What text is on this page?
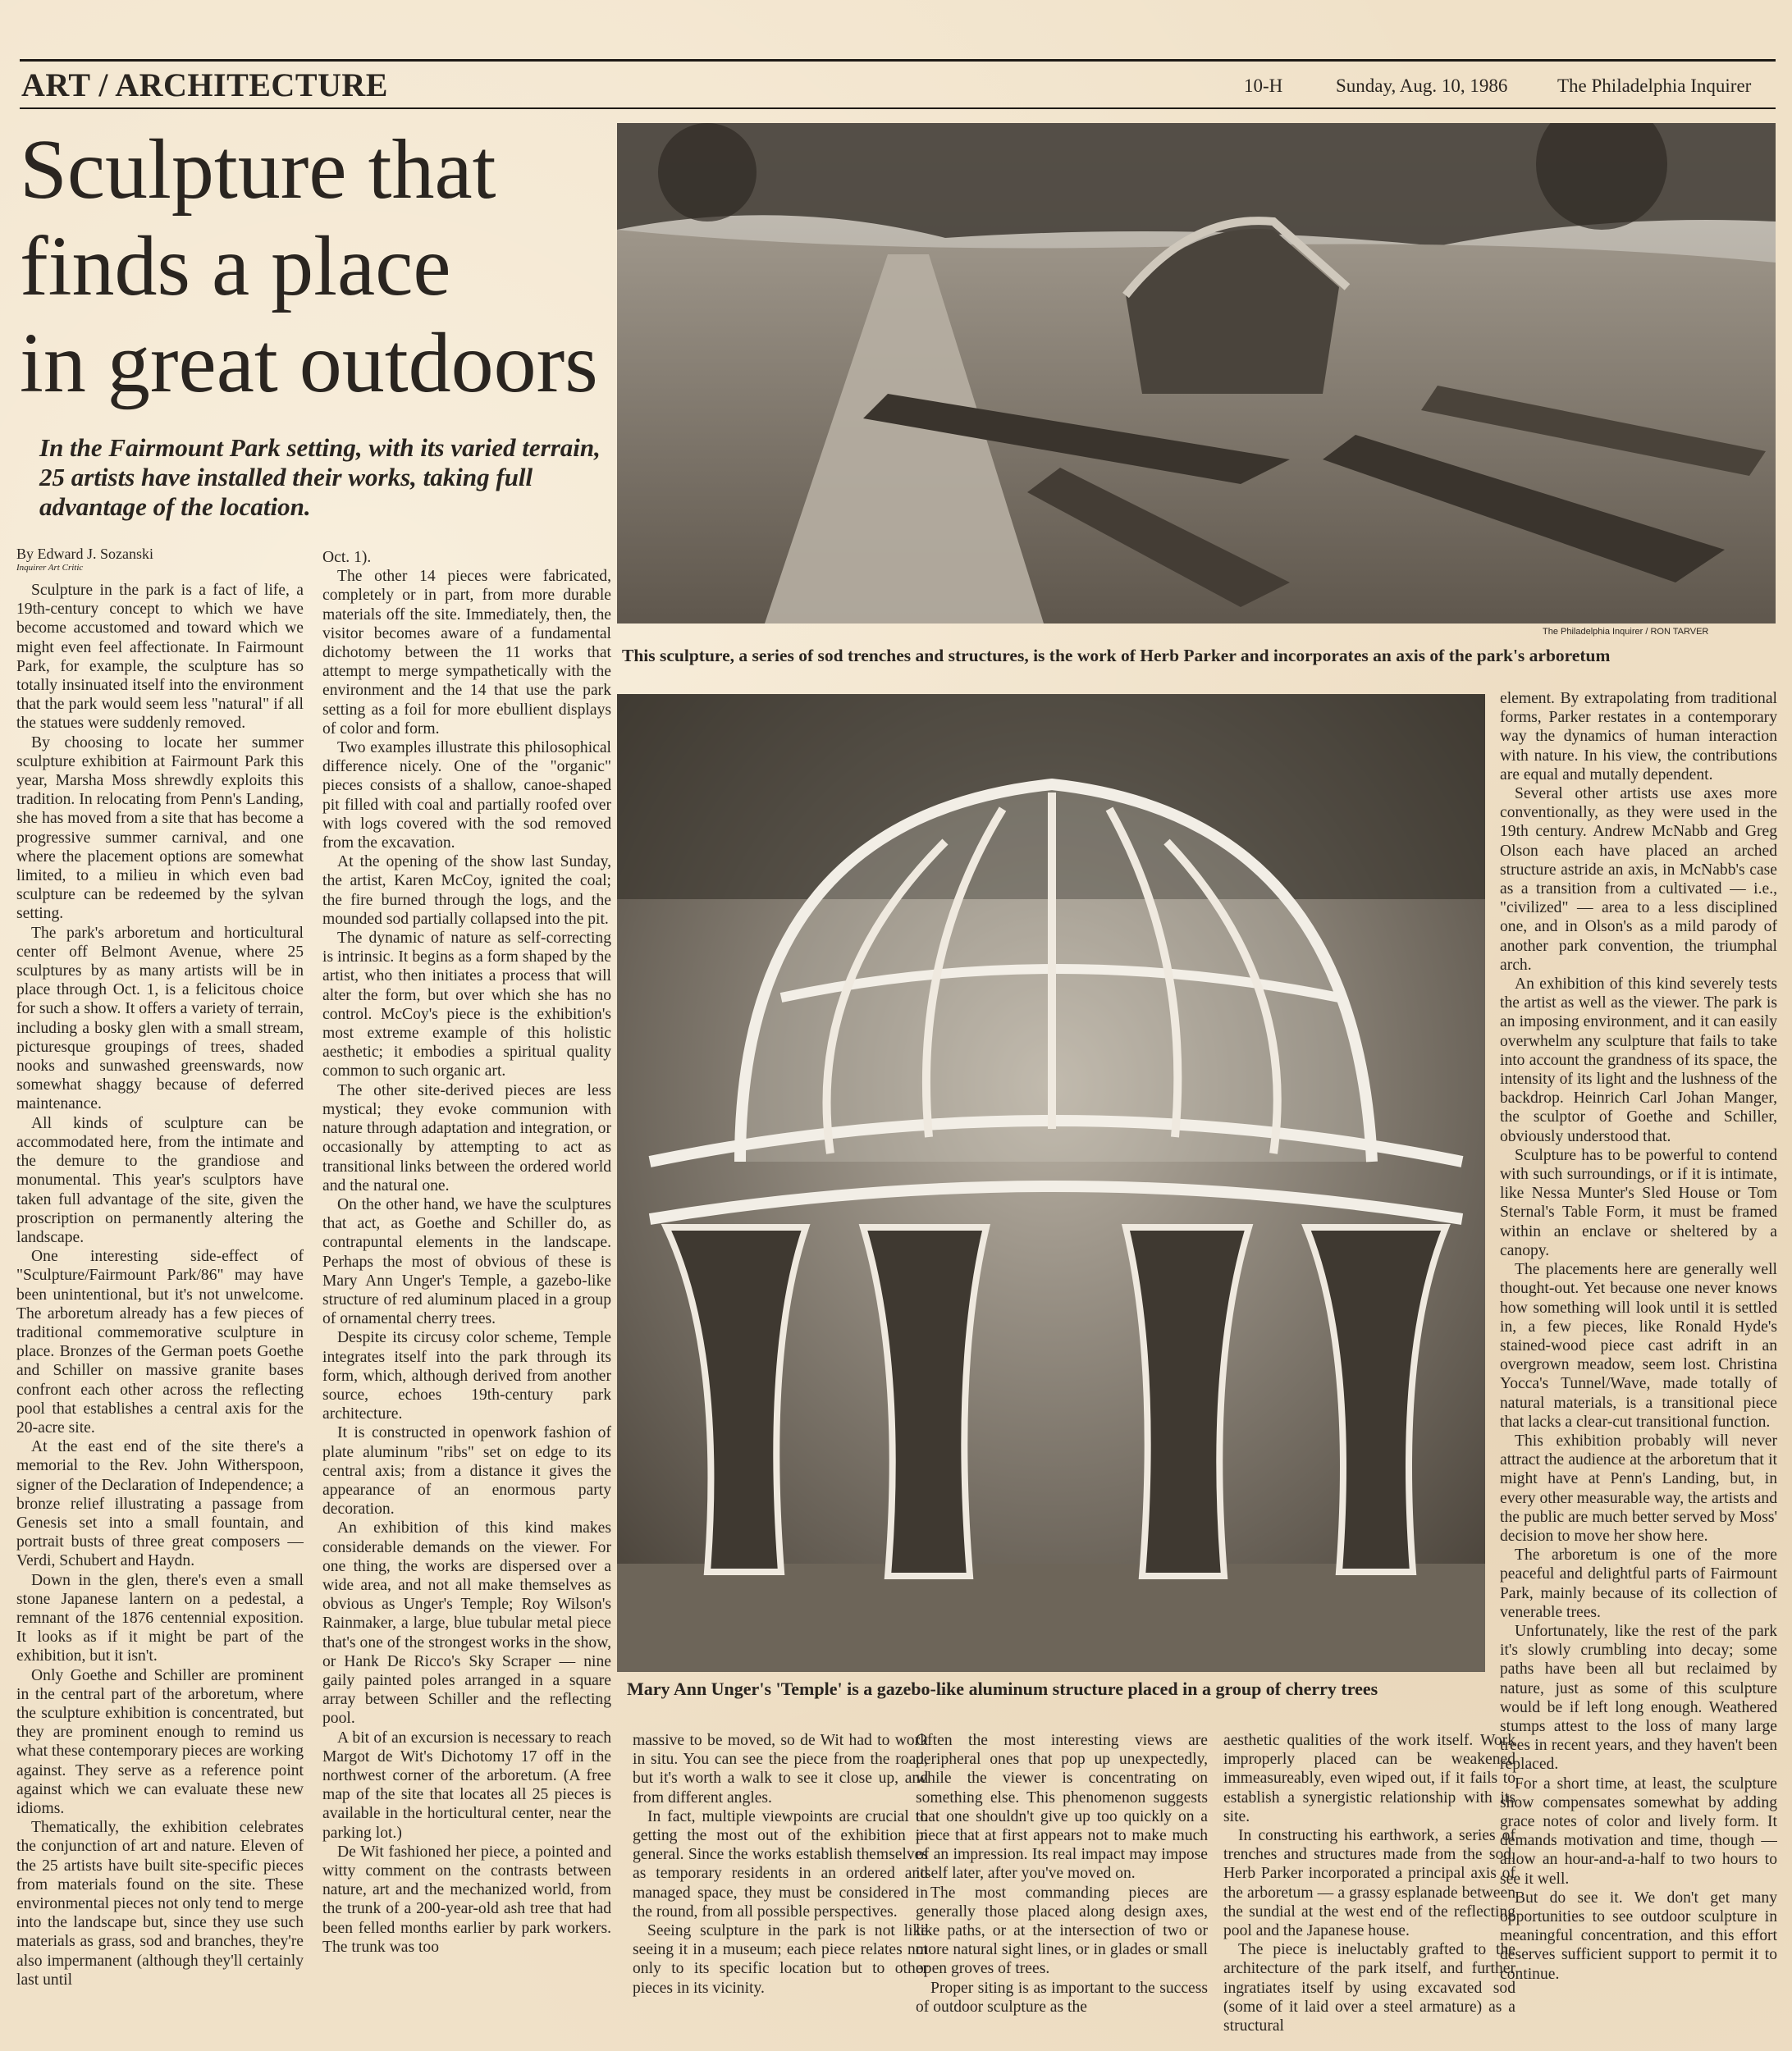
ART / ARCHITECTURE	10-H	Sunday, Aug. 10, 1986	The Philadelphia Inquirer
Sculpture that
finds a place
in great outdoors
In the Fairmount Park setting, with its varied terrain, 25 artists have installed their works, taking full advantage of the location.
By Edward J. Sozanski
Inquirer Art Critic

Sculpture in the park is a fact of life, a 19th-century concept to which we have become accustomed and toward which we might even feel affectionate. In Fairmount Park, for example, the sculpture has so totally insinuated itself into the environment that the park would seem less "natural" if all the statues were suddenly removed.

By choosing to locate her summer sculpture exhibition at Fairmount Park this year, Marsha Moss shrewdly exploits this tradition. In relocating from Penn's Landing, she has moved from a site that has become a progressive summer carnival, and one where the placement options are somewhat limited, to a milieu in which even bad sculpture can be redeemed by the sylvan setting.

The park's arboretum and horticultural center off Belmont Avenue, where 25 sculptures by as many artists will be in place through Oct. 1, is a felicitous choice for such a show. It offers a variety of terrain, including a bosky glen with a small stream, picturesque groupings of trees, shaded nooks and sunwashed greenswards, now somewhat shaggy because of deferred maintenance.

All kinds of sculpture can be accommodated here, from the intimate and the demure to the grandiose and monumental. This year's sculptors have taken full advantage of the site, given the proscription on permanently altering the landscape.

One interesting side-effect of "Sculpture/Fairmount Park/86" may have been unintentional, but it's not unwelcome. The arboretum already has a few pieces of traditional commemorative sculpture in place. Bronzes of the German poets Goethe and Schiller on massive granite bases confront each other across the reflecting pool that establishes a central axis for the 20-acre site.

At the east end of the site there's a memorial to the Rev. John Witherspoon, signer of the Declaration of Independence; a bronze relief illustrating a passage from Genesis set into a small fountain, and portrait busts of three great composers — Verdi, Schubert and Haydn.

Down in the glen, there's even a small stone Japanese lantern on a pedestal, a remnant of the 1876 centennial exposition. It looks as if it might be part of the exhibition, but it isn't.

Only Goethe and Schiller are prominent in the central part of the arboretum, where the sculpture exhibition is concentrated, but they are prominent enough to remind us what these contemporary pieces are working against. They serve as a reference point against which we can evaluate these new idioms.

Thematically, the exhibition celebrates the conjunction of art and nature. Eleven of the 25 artists have built site-specific pieces from materials found on the site. These environmental pieces not only tend to merge into the landscape but, since they use such materials as grass, sod and branches, they're also impermanent (although they'll certainly last until

Oct. 1).

The other 14 pieces were fabricated, completely or in part, from more durable materials off the site. Immediately, then, the visitor becomes aware of a fundamental dichotomy between the 11 works that attempt to merge sympathetically with the environment and the 14 that use the park setting as a foil for more ebullient displays of color and form.

Two examples illustrate this philosophical difference nicely. One of the "organic" pieces consists of a shallow, canoe-shaped pit filled with coal and partially roofed over with logs covered with the sod removed from the excavation.

At the opening of the show last Sunday, the artist, Karen McCoy, ignited the coal; the fire burned through the logs, and the mounded sod partially collapsed into the pit.

The dynamic of nature as self-correcting is intrinsic. It begins as a form shaped by the artist, who then initiates a process that will alter the form, but over which she has no control. McCoy's piece is the exhibition's most extreme example of this holistic aesthetic; it embodies a spiritual quality common to such organic art.

The other site-derived pieces are less mystical; they evoke communion with nature through adaptation and integration, or occasionally by attempting to act as transitional links between the ordered world and the natural one.

On the other hand, we have the sculptures that act, as Goethe and Schiller do, as contrapuntal elements in the landscape. Perhaps the most of obvious of these is Mary Ann Unger's Temple, a gazebo-like structure of red aluminum placed in a group of ornamental cherry trees.

Despite its circusy color scheme, Temple integrates itself into the park through its form, which, although derived from another source, echoes 19th-century park architecture.

It is constructed in openwork fashion of plate aluminum "ribs" set on edge to its central axis; from a distance it gives the appearance of an enormous party decoration.

An exhibition of this kind makes considerable demands on the viewer. For one thing, the works are dispersed over a wide area, and not all make themselves as obvious as Unger's Temple; Roy Wilson's Rainmaker, a large, blue tubular metal piece that's one of the strongest works in the show, or Hank De Ricco's Sky Scraper — nine gaily painted poles arranged in a square array between Schiller and the reflecting pool.

A bit of an excursion is necessary to reach Margot de Wit's Dichotomy 17 off in the northwest corner of the arboretum. (A free map of the site that locates all 25 pieces is available in the horticultural center, near the parking lot.)

De Wit fashioned her piece, a pointed and witty comment on the contrasts between nature, art and the mechanized world, from the trunk of a 200-year-old ash tree that had been felled months earlier by park workers. The trunk was too

massive to be moved, so de Wit had to work in situ. You can see the piece from the road, but it's worth a walk to see it close up, and from different angles.

In fact, multiple viewpoints are crucial to getting the most out of the exhibition in general. Since the works establish themselves as temporary residents in an ordered and managed space, they must be considered in the round, from all possible perspectives.

Seeing sculpture in the park is not like seeing it in a museum; each piece relates not only to its specific location but to other pieces in its vicinity.

Often the most interesting views are peripheral ones that pop up unexpectedly, while the viewer is concentrating on something else. This phenomenon suggests that one shouldn't give up too quickly on a piece that at first appears not to make much of an impression. Its real impact may impose itself later, after you've moved on.

The most commanding pieces are generally those placed along design axes, like paths, or at the intersection of two or more natural sight lines, or in glades or small open groves of trees.

Proper siting is as important to the success of outdoor sculpture as the

aesthetic qualities of the work itself. Work improperly placed can be weakened immeasureably, even wiped out, if it fails to establish a synergistic relationship with its site.

In constructing his earthwork, a series of trenches and structures made from the sod, Herb Parker incorporated a principal axis of the arboretum — a grassy esplanade between the sundial at the west end of the reflecting pool and the Japanese house.

The piece is ineluctably grafted to the architecture of the park itself, and further ingratiates itself by using excavated sod (some of it laid over a steel armature) as a structural

element. By extrapolating from traditional forms, Parker restates in a contemporary way the dynamics of human interaction with nature. In his view, the contributions are equal and mutally dependent.

Several other artists use axes more conventionally, as they were used in the 19th century. Andrew McNabb and Greg Olson each have placed an arched structure astride an axis, in McNabb's case as a transition from a cultivated — i.e., "civilized" — area to a less disciplined one, and in Olson's as a mild parody of another park convention, the triumphal arch.

An exhibition of this kind severely tests the artist as well as the viewer. The park is an imposing environment, and it can easily overwhelm any sculpture that fails to take into account the grandness of its space, the intensity of its light and the lushness of the backdrop. Heinrich Carl Johan Manger, the sculptor of Goethe and Schiller, obviously understood that.

Sculpture has to be powerful to contend with such surroundings, or if it is intimate, like Nessa Munter's Sled House or Tom Sternal's Table Form, it must be framed within an enclave or sheltered by a canopy.

The placements here are generally well thought-out. Yet because one never knows how something will look until it is settled in, a few pieces, like Ronald Hyde's stained-wood piece cast adrift in an overgrown meadow, seem lost. Christina Yocca's Tunnel/Wave, made totally of natural materials, is a transitional piece that lacks a clear-cut transitional function.

This exhibition probably will never attract the audience at the arboretum that it might have at Penn's Landing, but, in every other measurable way, the artists and the public are much better served by Moss' decision to move her show here.

The arboretum is one of the more peaceful and delightful parts of Fairmount Park, mainly because of its collection of venerable trees.

Unfortunately, like the rest of the park it's slowly crumbling into decay; some paths have been all but reclaimed by nature, just as some of this sculpture would be if left long enough. Weathered stumps attest to the loss of many large trees in recent years, and they haven't been replaced.

For a short time, at least, the sculpture show compensates somewhat by adding grace notes of color and lively form. It demands motivation and time, though — allow an hour-and-a-half to two hours to see it well.

But do see it. We don't get many opportunities to see outdoor sculpture in meaningful concentration, and this effort deserves sufficient support to permit it to continue.

The Philadelphia Inquirer / RON TARVER
This sculpture, a series of sod trenches and structures, is the work of Herb Parker and incorporates an axis of the park's arboretum
Mary Ann Unger's 'Temple' is a gazebo-like aluminum structure placed in a group of cherry trees
